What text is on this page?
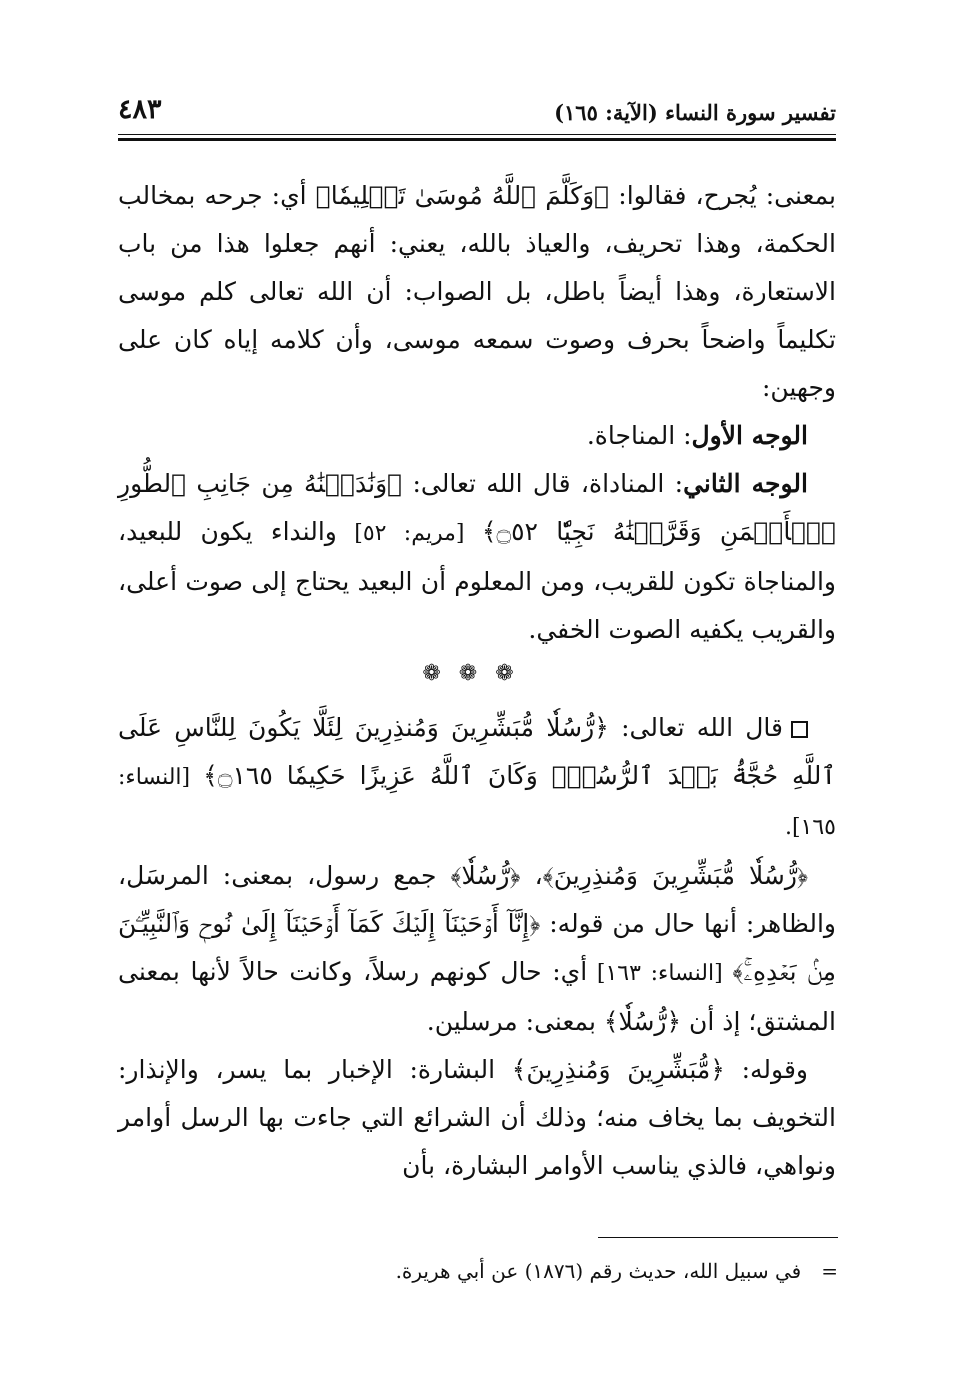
تفسير سورة النساء (الآية: ١٦٥)
٤٨٣

بمعنى: يُجرح، فقالوا: ﴿وَكَلَّمَ ٱللَّهُ مُوسَىٰ تَكۡلِيمٗا﴾ أي: جرحه بمخالب الحكمة، وهذا تحريف، والعياذ بالله، يعني: أنهم جعلوا هذا من باب الاستعارة، وهذا أيضاً باطل، بل الصواب: أن الله تعالى كلم موسى تكليماً واضحاً بحرف وصوت سمعه موسى، وأن كلامه إياه كان على وجهين:

الوجه الأول: المناجاة.

الوجه الثاني: المناداة، قال الله تعالى: ﴿وَنَٰدَيۡنَٰهُ مِن جَانِبِ ٱلطُّورِ ٱلۡأَيۡمَنِ وَقَرَّبۡنَٰهُ نَجِيّٗا ۝٥٢﴾ [مريم: ٥٢] والنداء يكون للبعيد، والمناجاة تكون للقريب، ومن المعلوم أن البعيد يحتاج إلى صوت أعلى، والقريب يكفيه الصوت الخفي.

❁❁❁

قال الله تعالى: ﴿رُّسُلٗا مُّبَشِّرِينَ وَمُنذِرِينَ لِئَلَّا يَكُونَ لِلنَّاسِ عَلَى ٱللَّهِ حُجَّةُۢ بَعۡدَ ٱلرُّسُلِۚ وَكَانَ ٱللَّهُ عَزِيزًا حَكِيمٗا ۝١٦٥﴾ [النساء: ١٦٥].

﴿رُّسُلٗا مُّبَشِّرِينَ وَمُنذِرِينَ﴾، ﴿رُّسُلٗا﴾ جمع رسول، بمعنى: المرسَل، والظاهر: أنها حال من قوله: ﴿إِنَّآ أَوۡحَيۡنَآ إِلَيۡكَ كَمَآ أَوۡحَيۡنَآ إِلَىٰ نُوحٖ وَٱلنَّبِيِّـۧنَ مِنۢ بَعۡدِهِۦۚ﴾ [النساء: ١٦٣] أي: حال كونهم رسلاً، وكانت حالاً لأنها بمعنى المشتق؛ إذ أن ﴿رُّسُلٗا﴾ بمعنى: مرسلين.

وقوله: ﴿مُّبَشِّرِينَ وَمُنذِرِينَ﴾ البشارة: الإخبار بما يسر، والإنذار: التخويف بما يخاف منه؛ وذلك أن الشرائع التي جاءت بها الرسل أوامر ونواهي، فالذي يناسب الأوامر البشارة، بأن

=في سبيل الله، حديث رقم (١٨٧٦) عن أبي هريرة.
